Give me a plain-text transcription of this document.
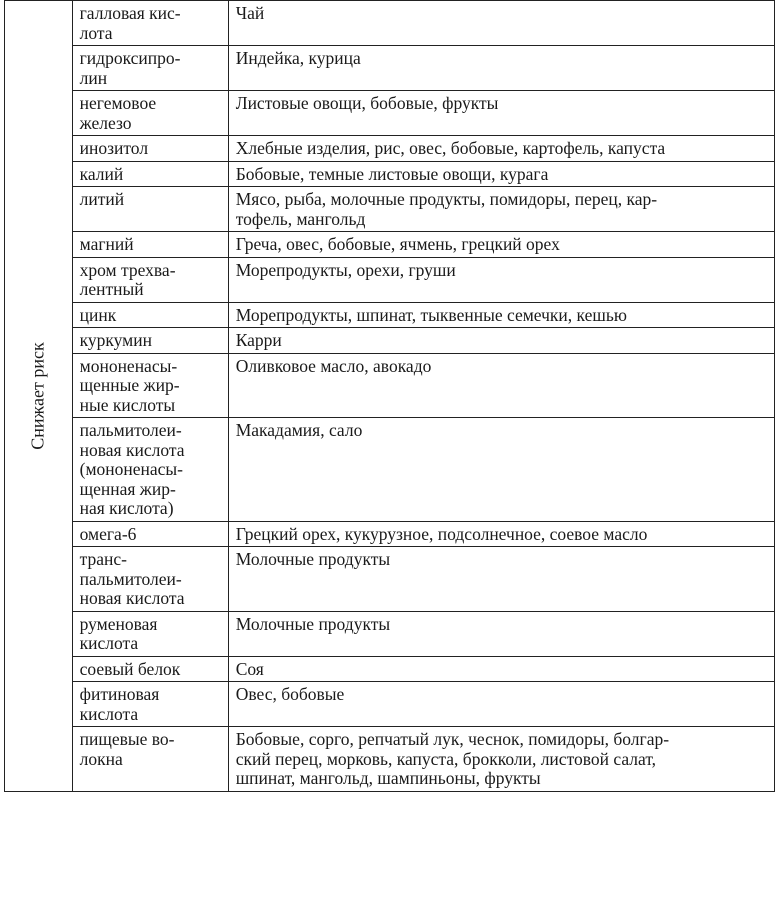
Снижает риск	галловая кис-
лота	Чай

	гидроксипро-
лин	Индейка, курица

	негемовое
железо	Листовые овощи, бобовые, фрукты

	инозитол	Хлебные изделия, рис, овес, бобовые, картофель, капуста

	калий	Бобовые, темные листовые овощи, курага

	литий	Мясо, рыба, молочные продукты, помидоры, перец, кар-
тофель, мангольд

	магний	Греча, овес, бобовые, ячмень, грецкий орех

	хром трехва-
лентный	Морепродукты, орехи, груши

	цинк	Морепродукты, шпинат, тыквенные семечки, кешью

	куркумин	Карри

	мононенасы-
щенные жир-
ные кислоты	Оливковое масло, авокадо

	пальмитолеи-
новая кислота
(мононенасы-
щенная жир-
ная кислота)	Макадамия, сало

	омега-6	Грецкий орех, кукурузное, подсолнечное, соевое масло

	транс-
пальмитолеи-
новая кислота	Молочные продукты

	руменовая
кислота	Молочные продукты

	соевый белок	Соя

	фитиновая
кислота	Овес, бобовые

	пищевые во-
локна	Бобовые, сорго, репчатый лук, чеснок, помидоры, болгар-
ский перец, морковь, капуста, брокколи, листовой салат,
шпинат, мангольд, шампиньоны, фрукты
